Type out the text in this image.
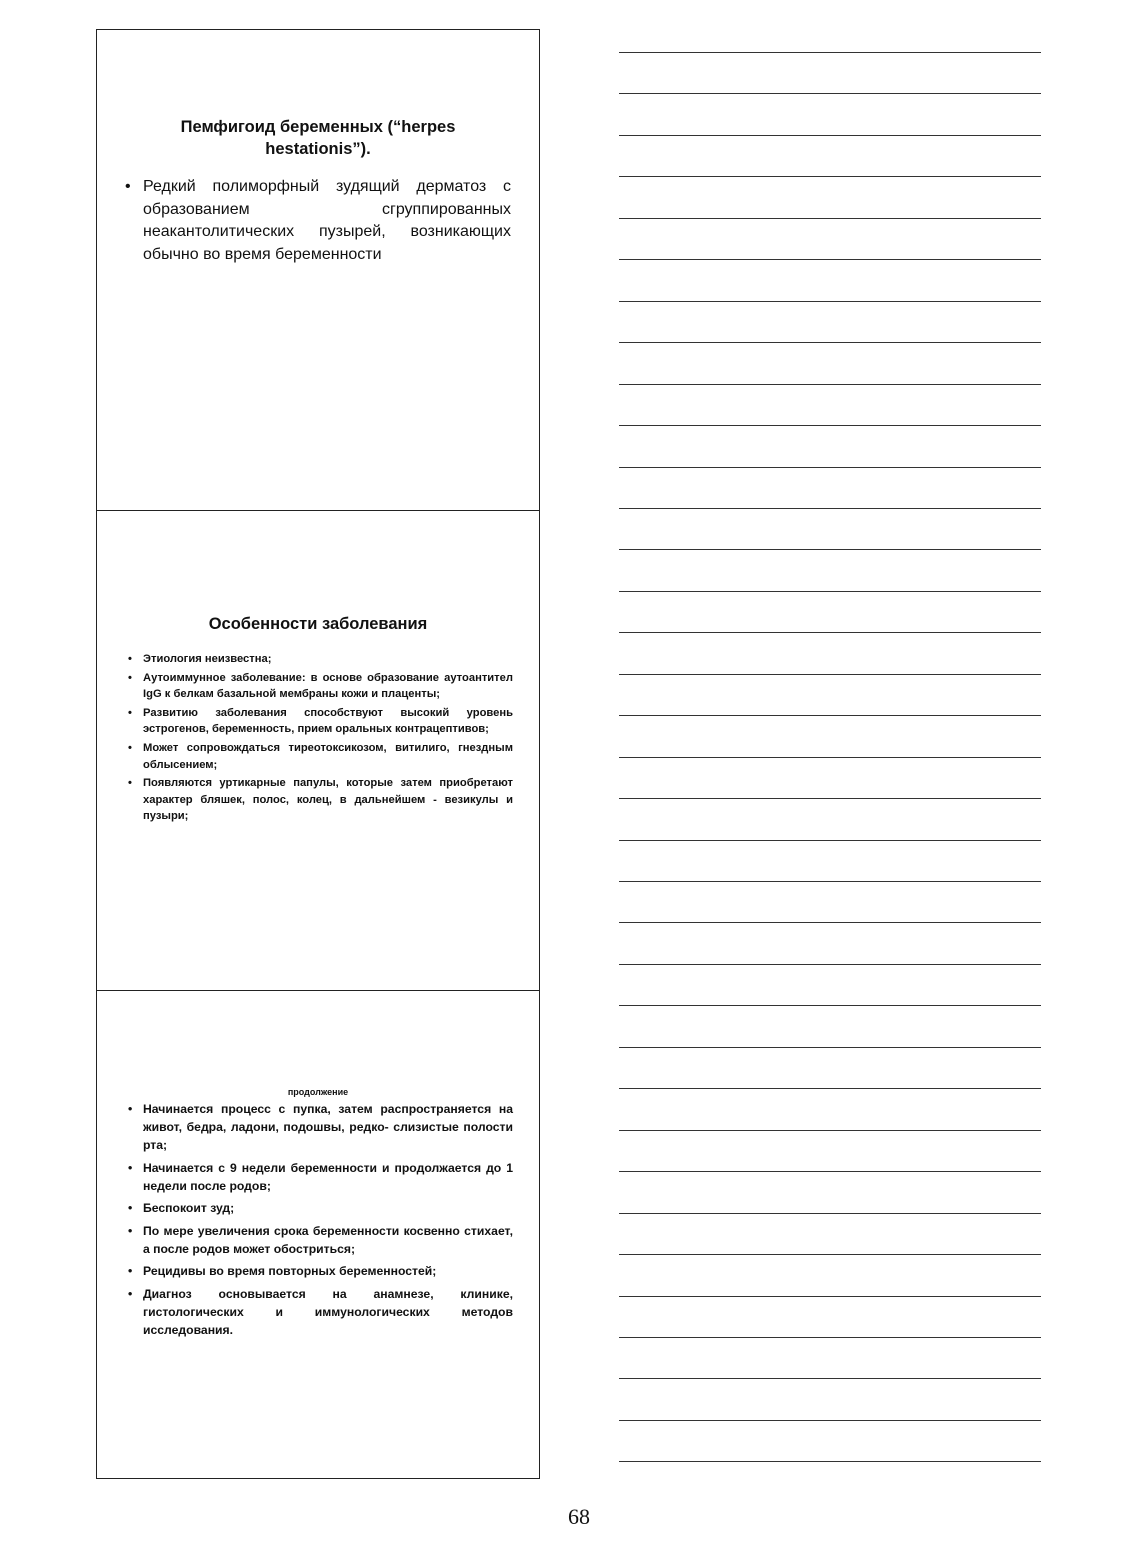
Пемфигоид беременных (“herpes hestationis”).
• Редкий полиморфный зудящий дерматоз с образованием сгруппированных неакантолитических пузырей, возникающих обычно во время беременности
Особенности заболевания
• Этиология неизвестна;
• Аутоиммунное заболевание: в основе образование аутоантител IgG к белкам базальной мембраны кожи и плаценты;
• Развитию заболевания способствуют высокий уровень эстрогенов, беременность, прием оральных контрацептивов;
• Может сопровождаться тиреотоксикозом, витилиго, гнездным облысением;
• Появляются уртикарные папулы, которые затем приобретают характер бляшек, полос, колец, в дальнейшем - везикулы и пузыри;
продолжение
• Начинается процесс с пупка, затем распространяется на живот, бедра, ладони, подошвы, редко- слизистые полости рта;
• Начинается с 9 недели беременности и продолжается до 1 недели после родов;
• Беспокоит зуд;
• По мере увеличения срока беременности косвенно стихает, а после родов может обостриться;
• Рецидивы во время повторных беременностей;
• Диагноз основывается на анамнезе, клинике, гистологических и иммунологических методов исследования.
68
